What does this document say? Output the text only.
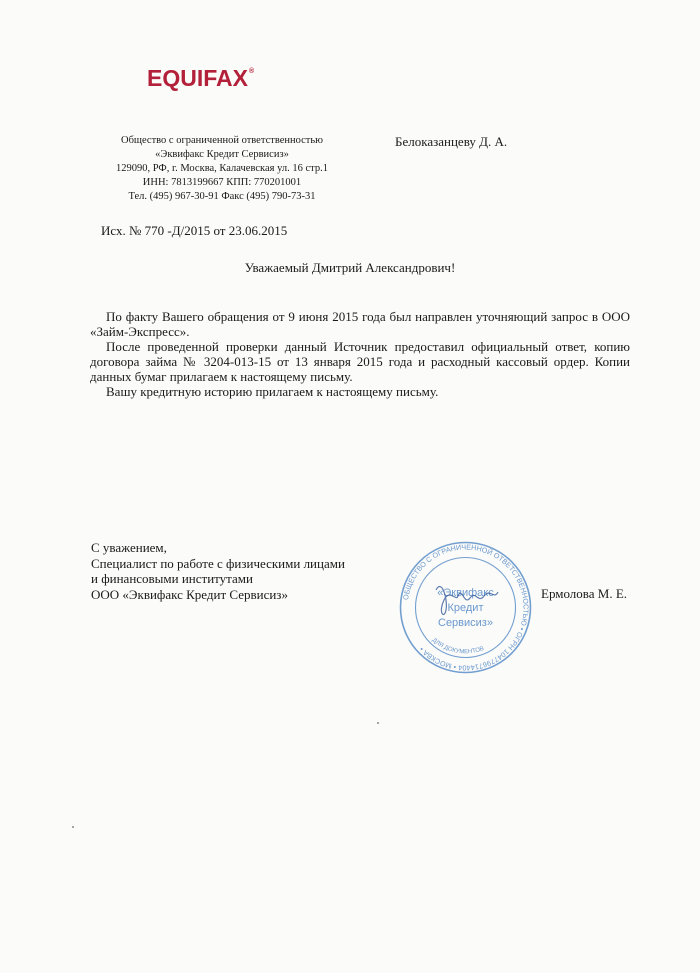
EQUIFAX®
Общество с ограниченной ответственностью
«Эквифакс Кредит Сервисиз»
129090, РФ, г. Москва, Калачевская ул. 16 стр.1
ИНН: 7813199667 КПП: 770201001
Тел. (495) 967-30-91 Факс (495) 790-73-31
Белоказанцеву Д. А.
Исх. № 770 -Д/2015 от 23.06.2015
Уважаемый Дмитрий Александрович!

По факту Вашего обращения от 9 июня 2015 года был направлен уточняющий запрос в ООО «Займ-Экспресс».

После проведенной проверки данный Источник предоставил официальный ответ, копию договора займа № 3204-013-15 от 13 января 2015 года и расходный кассовый ордер. Копии данных бумаг прилагаем к настоящему письму.

Вашу кредитную историю прилагаем к настоящему письму.

С уважением,
Специалист по работе с физическими лицами
и финансовыми институтами
ООО «Эквифакс Кредит Сервисиз»	ОБЩЕСТВО С ОГРАНИЧЕННОЙ ОТВЕТСТВЕННОСТЬЮ • ОГРН 1047796714404 • МОСКВА •
«Эквифакс
Кредит
Сервисиз»
ДЛЯ ДОКУМЕНТОВ
Ермолова М. Е.
